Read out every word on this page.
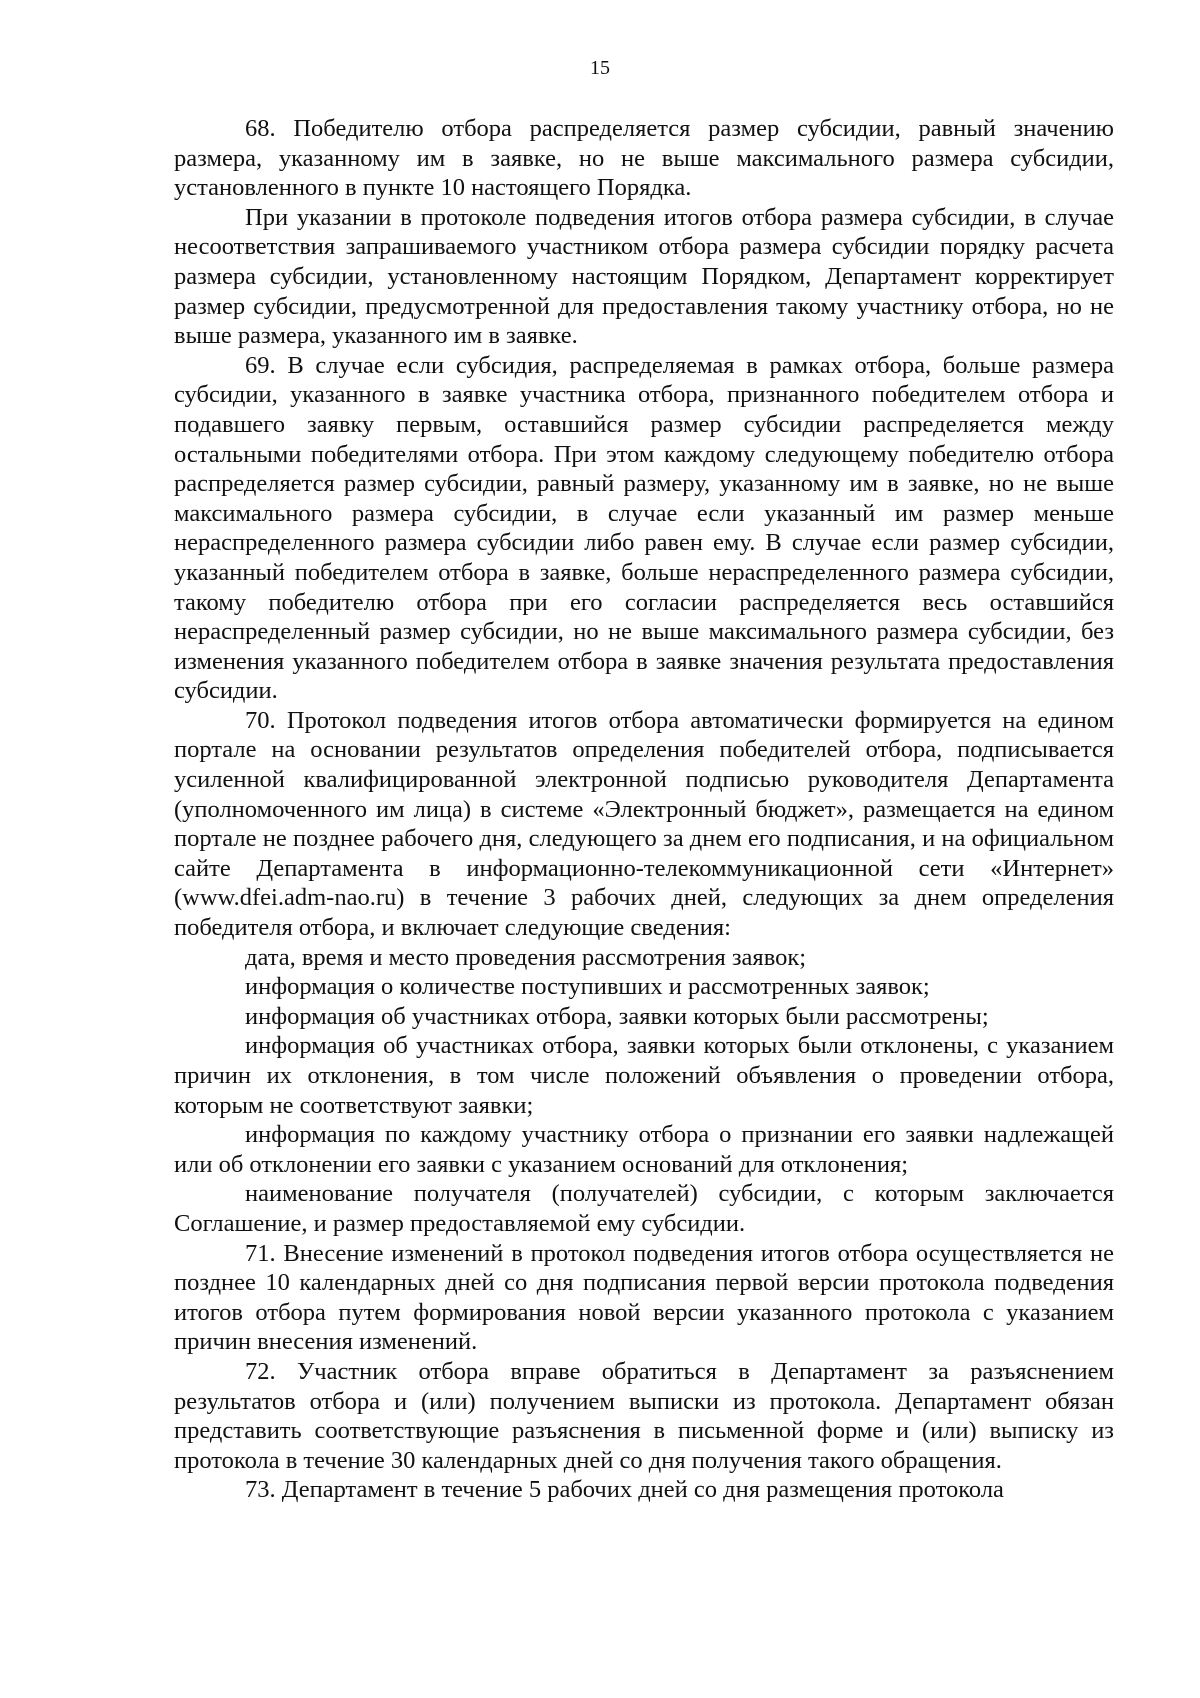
15

68. Победителю отбора распределяется размер субсидии, равный значению размера, указанному им в заявке, но не выше максимального размера субсидии, установленного в пункте 10 настоящего Порядка.

При указании в протоколе подведения итогов отбора размера субсидии, в случае несоответствия запрашиваемого участником отбора размера субсидии порядку расчета размера субсидии, установленному настоящим Порядком, Департамент корректирует размер субсидии, предусмотренной для предоставления такому участнику отбора, но не выше размера, указанного им в заявке.

69. В случае если субсидия, распределяемая в рамках отбора, больше размера субсидии, указанного в заявке участника отбора, признанного победителем отбора и подавшего заявку первым, оставшийся размер субсидии распределяется между остальными победителями отбора. При этом каждому следующему победителю отбора распределяется размер субсидии, равный размеру, указанному им в заявке, но не выше максимального размера субсидии, в случае если указанный им размер меньше нераспределенного размера субсидии либо равен ему. В случае если размер субсидии, указанный победителем отбора в заявке, больше нераспределенного размера субсидии, такому победителю отбора при его согласии распределяется весь оставшийся нераспределенный размер субсидии, но не выше максимального размера субсидии, без изменения указанного победителем отбора в заявке значения результата предоставления субсидии.

70. Протокол подведения итогов отбора автоматически формируется на едином портале на основании результатов определения победителей отбора, подписывается усиленной квалифицированной электронной подписью руководителя Департамента (уполномоченного им лица) в системе «Электронный бюджет», размещается на едином портале не позднее рабочего дня, следующего за днем его подписания, и на официальном сайте Департамента в информационно-телекоммуникационной сети «Интернет» (www.dfei.adm-nao.ru) в течение 3 рабочих дней, следующих за днем определения победителя отбора, и включает следующие сведения:

дата, время и место проведения рассмотрения заявок;

информация о количестве поступивших и рассмотренных заявок;

информация об участниках отбора, заявки которых были рассмотрены;

информация об участниках отбора, заявки которых были отклонены, с указанием причин их отклонения, в том числе положений объявления о проведении отбора, которым не соответствуют заявки;

информация по каждому участнику отбора о признании его заявки надлежащей или об отклонении его заявки с указанием оснований для отклонения;

наименование получателя (получателей) субсидии, с которым заключается Соглашение, и размер предоставляемой ему субсидии.

71. Внесение изменений в протокол подведения итогов отбора осуществляется не позднее 10 календарных дней со дня подписания первой версии протокола подведения итогов отбора путем формирования новой версии указанного протокола с указанием причин внесения изменений.

72. Участник отбора вправе обратиться в Департамент за разъяснением результатов отбора и (или) получением выписки из протокола. Департамент обязан представить соответствующие разъяснения в письменной форме и (или) выписку из протокола в течение 30 календарных дней со дня получения такого обращения.

73. Департамент в течение 5 рабочих дней со дня размещения протокола
